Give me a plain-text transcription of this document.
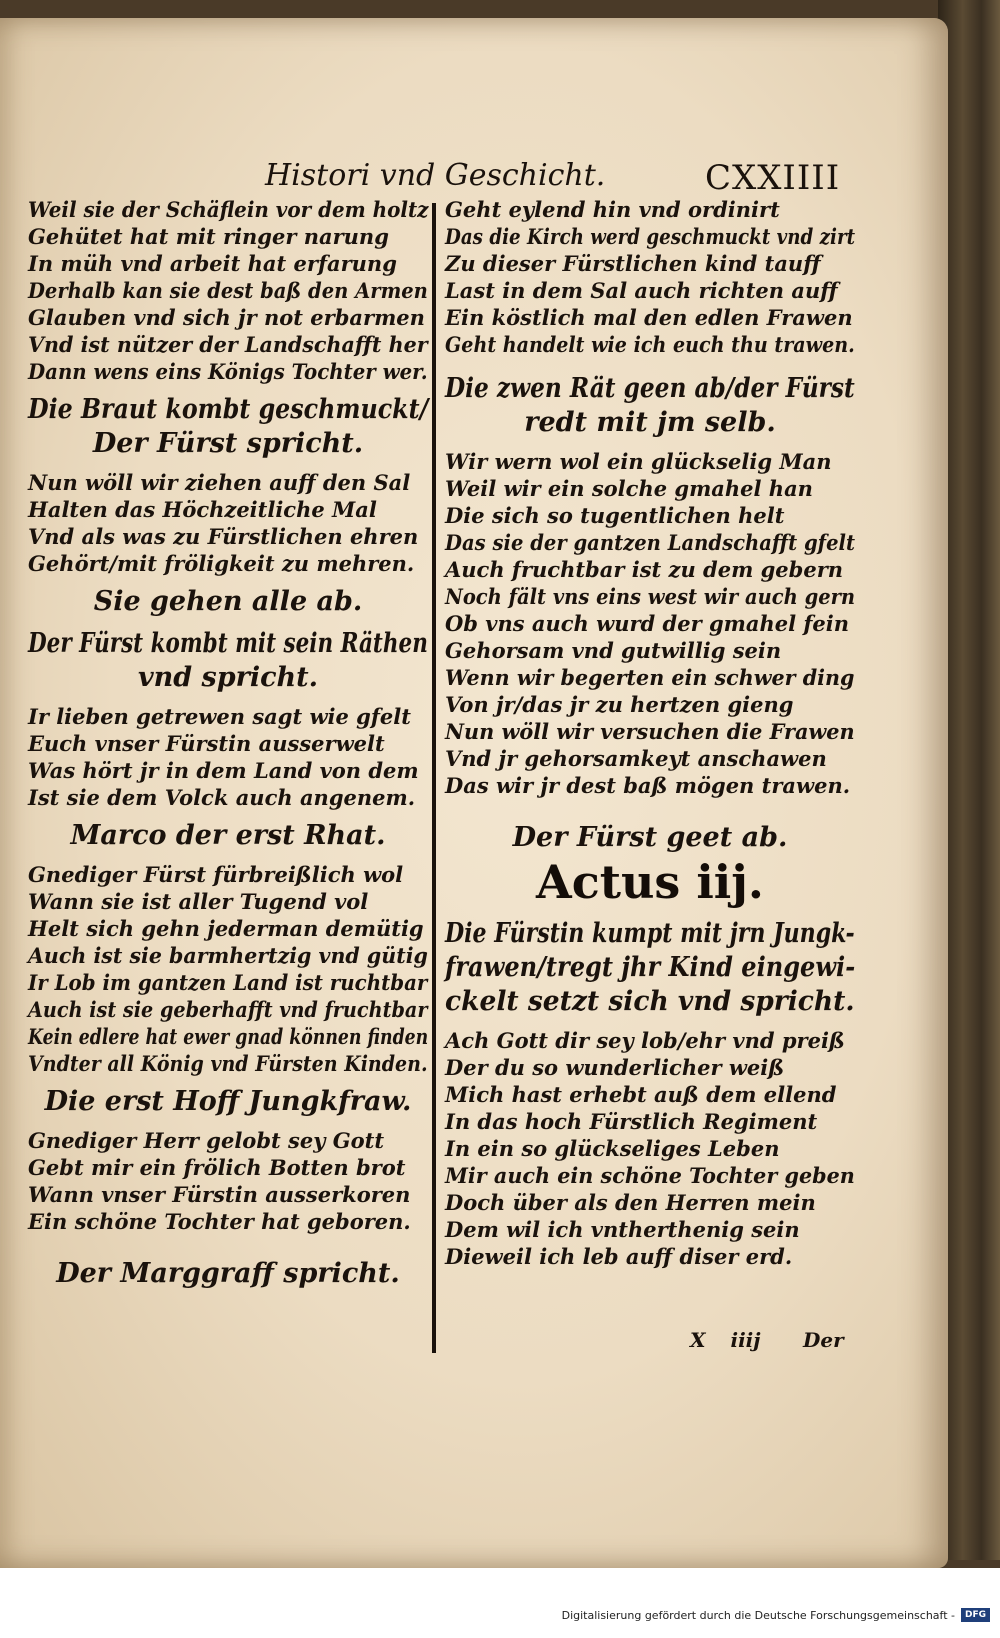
Histori vnd Geschicht.	CXXIIII
Weil sie der Schäflein vor dem holtz
Gehütet hat mit ringer narung
In müh vnd arbeit hat erfarung
Derhalb kan sie dest baß den Armen
Glauben vnd sich jr not erbarmen
Vnd ist nützer der Landschafft her
Dann wens eins Königs Tochter wer.
Die Braut kombt geschmuckt/
Der Fürst spricht.
Nun wöll wir ziehen auff den Sal
Halten das Höchzeitliche Mal
Vnd als was zu Fürstlichen ehren
Gehört/mit fröligkeit zu mehren.
Sie gehen alle ab.
Der Fürst kombt mit sein Räthen
vnd spricht.
Ir lieben getrewen sagt wie gfelt
Euch vnser Fürstin ausserwelt
Was hört jr in dem Land von dem
Ist sie dem Volck auch angenem.
Marco der erst Rhat.
Gnediger Fürst fürbreißlich wol
Wann sie ist aller Tugend vol
Helt sich gehn jederman demütig
Auch ist sie barmhertzig vnd gütig
Ir Lob im gantzen Land ist ruchtbar
Auch ist sie geberhafft vnd fruchtbar
Kein edlere hat ewer gnad können finden
Vndter all König vnd Fürsten Kinden.
Die erst Hoff Jungkfraw.
Gnediger Herr gelobt sey Gott
Gebt mir ein frölich Botten brot
Wann vnser Fürstin ausserkoren
Ein schöne Tochter hat geboren.
Der Marggraff spricht.
Geht eylend hin vnd ordinirt
Das die Kirch werd geschmuckt vnd zirt
Zu dieser Fürstlichen kind tauff
Last in dem Sal auch richten auff
Ein köstlich mal den edlen Frawen
Geht handelt wie ich euch thu trawen.
Die zwen Rät geen ab/der Fürst
redt mit jm selb.
Wir wern wol ein glückselig Man
Weil wir ein solche gmahel han
Die sich so tugentlichen helt
Das sie der gantzen Landschafft gfelt
Auch fruchtbar ist zu dem gebern
Noch fält vns eins west wir auch gern
Ob vns auch wurd der gmahel fein
Gehorsam vnd gutwillig sein
Wenn wir begerten ein schwer ding
Von jr/das jr zu hertzen gieng
Nun wöll wir versuchen die Frawen
Vnd jr gehorsamkeyt anschawen
Das wir jr dest baß mögen trawen.
Der Fürst geet ab.
Actus iij.
Die Fürstin kumpt mit jrn Jungk-
frawen/tregt jhr Kind eingewi-
ckelt setzt sich vnd spricht.
Ach Gott dir sey lob/ehr vnd preiß
Der du so wunderlicher weiß
Mich hast erhebt auß dem ellend
In das hoch Fürstlich Regiment
In ein so glückseliges Leben
Mir auch ein schöne Tochter geben
Doch über als den Herren mein
Dem wil ich vntherthenig sein
Dieweil ich leb auff diser erd.
X iiij Der
Digitalisierung gefördert durch die Deutsche Forschungsgemeinschaft -	DFG
